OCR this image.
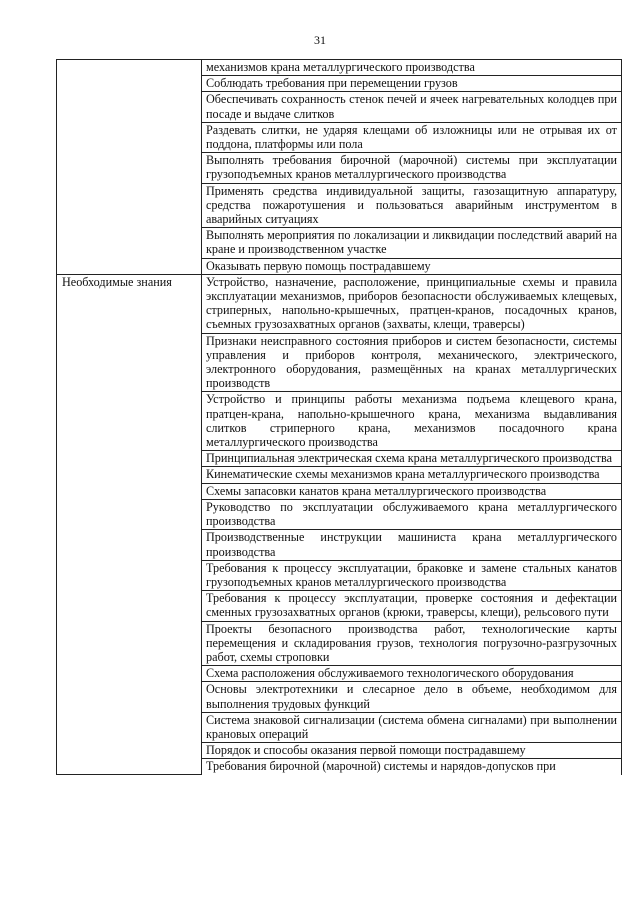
31
	механизмов крана металлургического производства
	Соблюдать требования при перемещении грузов
	Обеспечивать сохранность стенок печей и ячеек нагревательных колодцев при посаде и выдаче слитков
	Раздевать слитки, не ударяя клещами об изложницы или не отрывая их от поддона, платформы или пола
	Выполнять требования бирочной (марочной) системы при эксплуатации грузоподъемных кранов металлургического производства
	Применять средства индивидуальной защиты, газозащитную аппаратуру, средства пожаротушения и пользоваться аварийным инструментом в аварийных ситуациях
	Выполнять мероприятия по локализации и ликвидации последствий аварий на кране и производственном участке
	Оказывать первую помощь пострадавшему
Необходимые знания	Устройство, назначение, расположение, принципиальные схемы и правила эксплуатации механизмов, приборов безопасности обслуживаемых клещевых, стриперных, напольно-крышечных, пратцен-кранов, посадочных кранов, съемных грузозахватных органов (захваты, клещи, траверсы)
	Признаки неисправного состояния приборов и систем безопасности, системы управления и приборов контроля, механического, электрического, электронного оборудования, размещённых на кранах металлургических производств
	Устройство и принципы работы механизма подъема клещевого крана, пратцен-крана, напольно-крышечного крана, механизма выдавливания слитков стриперного крана, механизмов посадочного крана металлургического производства
	Принципиальная электрическая схема крана металлургического производства
	Кинематические схемы механизмов крана металлургического производства
	Схемы запасовки канатов крана металлургического производства
	Руководство по эксплуатации обслуживаемого крана металлургического производства
	Производственные инструкции машиниста крана металлургического производства
	Требования к процессу эксплуатации, браковке и замене стальных канатов грузоподъемных кранов металлургического производства
	Требования к процессу эксплуатации, проверке состояния и дефектации сменных грузозахватных органов (крюки, траверсы, клещи), рельсового пути
	Проекты безопасного производства работ, технологические карты перемещения и складирования грузов, технология погрузочно-разгрузочных работ, схемы строповки
	Схема расположения обслуживаемого технологического оборудования
	Основы электротехники и слесарное дело в объеме, необходимом для выполнения трудовых функций
	Система знаковой сигнализации (система обмена сигналами) при выполнении крановых операций
	Порядок и способы оказания первой помощи пострадавшему
	Требования бирочной (марочной) системы и нарядов-допусков при
